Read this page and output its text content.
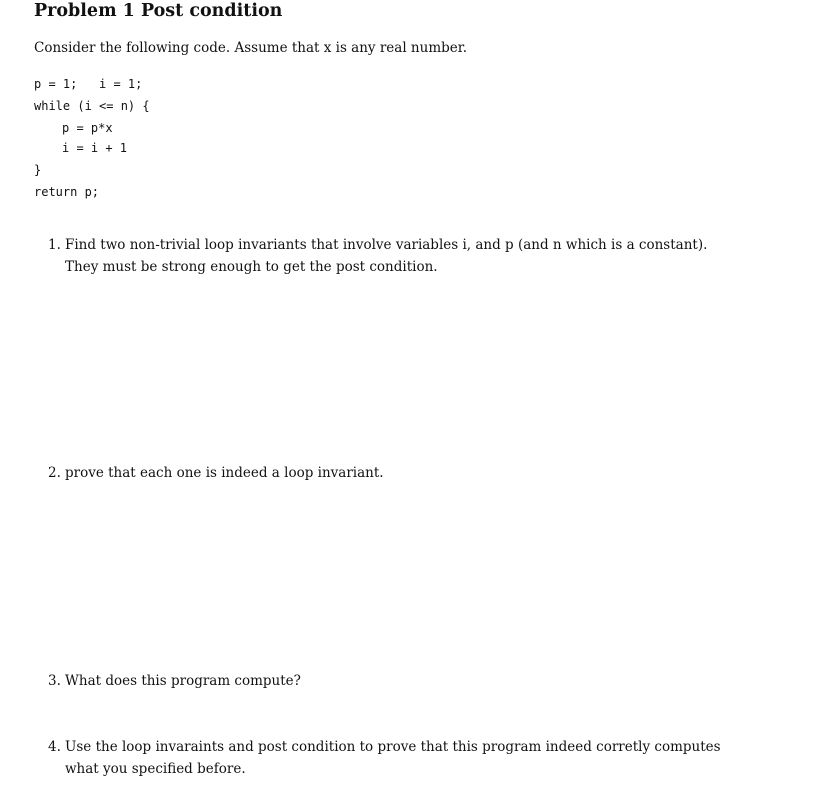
Problem 1 Post condition
Consider the following code. Assume that x is any real number.
p = 1;   i = 1;
while (i <= n) {
p = p*x
i = i + 1
}
return p;
1. Find two non-trivial loop invariants that involve variables i, and p (and n which is a constant).
They must be strong enough to get the post condition.
2. prove that each one is indeed a loop invariant.
3. What does this program compute?
4. Use the loop invaraints and post condition to prove that this program indeed corretly computes
what you specified before.
